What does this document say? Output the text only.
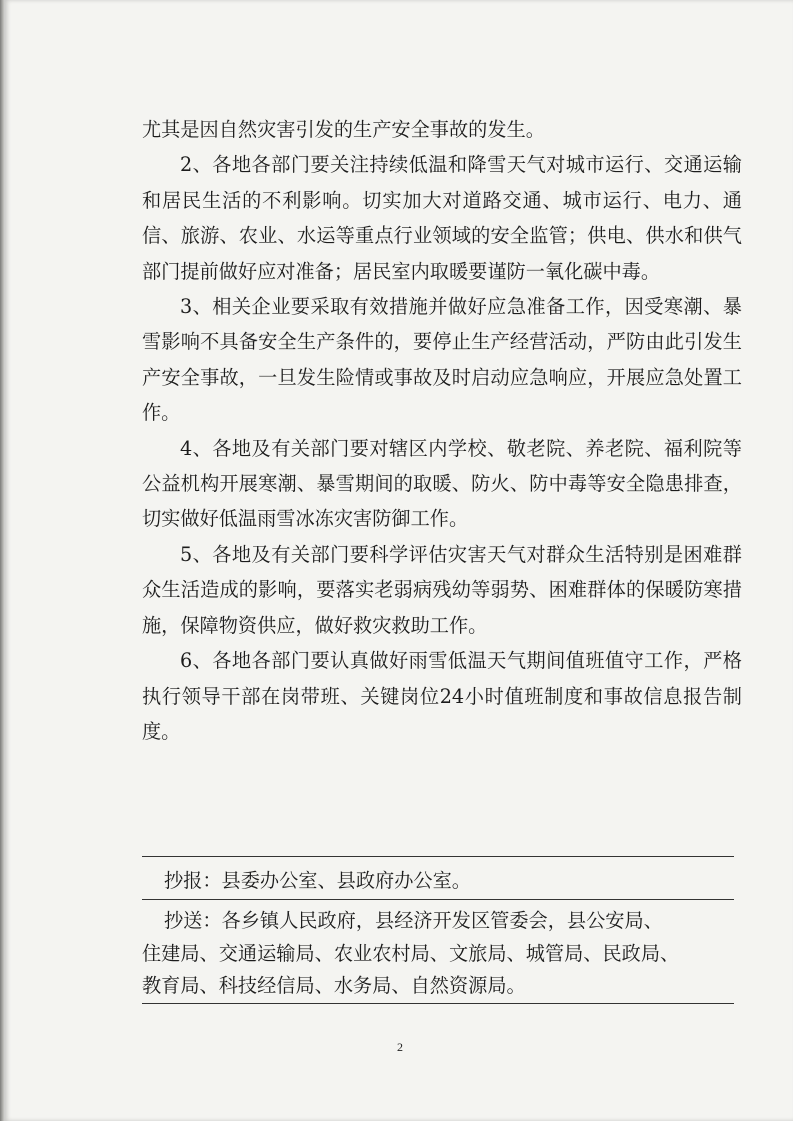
尤其是因自然灾害引发的生产安全事故的发生。

2、各地各部门要关注持续低温和降雪天气对城市运行、交通运输和居民生活的不利影响。切实加大对道路交通、城市运行、电力、通信、旅游、农业、水运等重点行业领域的安全监管；供电、供水和供气部门提前做好应对准备；居民室内取暖要谨防一氧化碳中毒。

3、相关企业要采取有效措施并做好应急准备工作，因受寒潮、暴雪影响不具备安全生产条件的，要停止生产经营活动，严防由此引发生产安全事故，一旦发生险情或事故及时启动应急响应，开展应急处置工作。

4、各地及有关部门要对辖区内学校、敬老院、养老院、福利院等公益机构开展寒潮、暴雪期间的取暖、防火、防中毒等安全隐患排查，切实做好低温雨雪冰冻灾害防御工作。

5、各地及有关部门要科学评估灾害天气对群众生活特别是困难群众生活造成的影响，要落实老弱病残幼等弱势、困难群体的保暖防寒措施，保障物资供应，做好救灾救助工作。

6、各地各部门要认真做好雨雪低温天气期间值班值守工作，严格执行领导干部在岗带班、关键岗位24小时值班制度和事故信息报告制度。

抄报：县委办公室、县政府办公室。
抄送：各乡镇人民政府，县经济开发区管委会，县公安局、
住建局、交通运输局、农业农村局、文旅局、城管局、民政局、
教育局、科技经信局、水务局、自然资源局。
2
